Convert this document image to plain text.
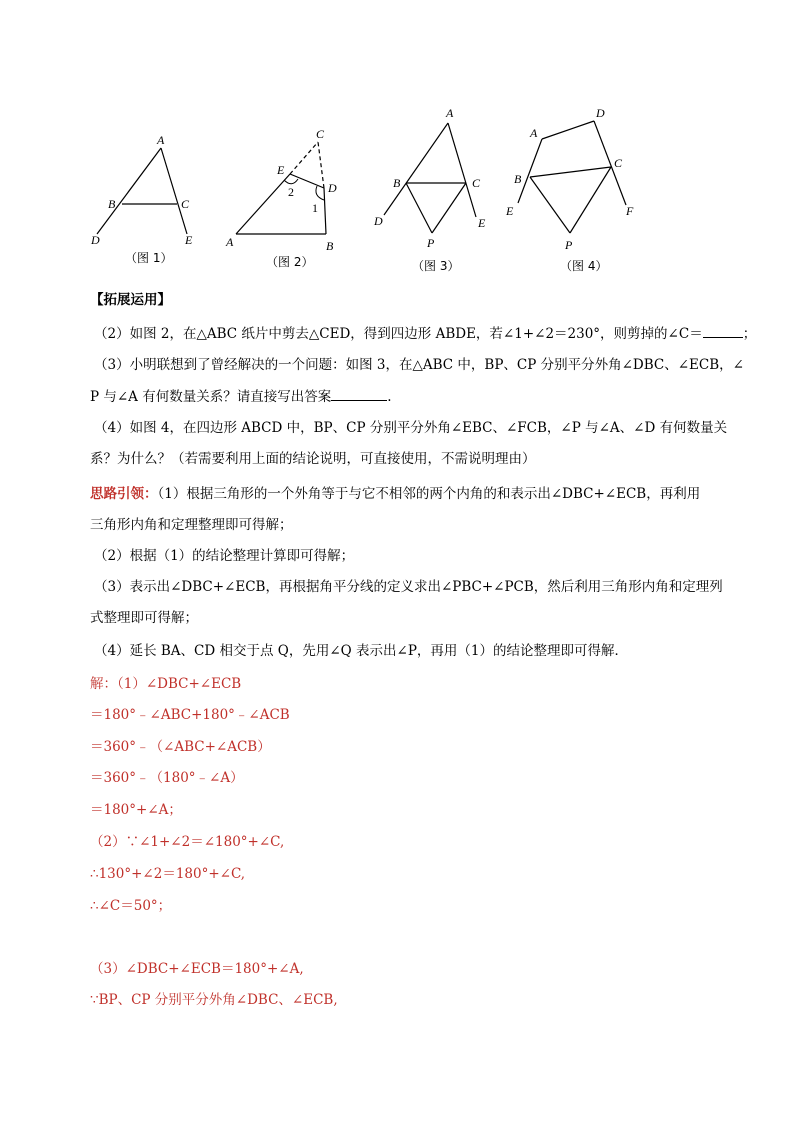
A
B	C
D	E
（图 1）
C
E
D
2
1
A	B
（图 2）
A
B	C
D	E
P
（图 3）
A
D
B
C
E	F
P
（图 4）
【拓展运用】
（2）如图 2，在△ABC 纸片中剪去△CED，得到四边形 ABDE，若∠1+∠2＝230°，则剪掉的∠C＝	；
（3）小明联想到了曾经解决的一个问题：如图 3，在△ABC 中，BP、CP 分别平分外角∠DBC、∠ECB，∠
P 与∠A 有何数量关系？请直接写出答案	.
（4）如图 4，在四边形 ABCD 中，BP、CP 分别平分外角∠EBC、∠FCB，∠P 与∠A、∠D 有何数量关
系？为什么？（若需要利用上面的结论说明，可直接使用，不需说明理由）
思路引领：（1）根据三角形的一个外角等于与它不相邻的两个内角的和表示出∠DBC+∠ECB，再利用
三角形内角和定理整理即可得解；
（2）根据（1）的结论整理计算即可得解；
（3）表示出∠DBC+∠ECB，再根据角平分线的定义求出∠PBC+∠PCB，然后利用三角形内角和定理列
式整理即可得解；
（4）延长 BA、CD 相交于点 Q，先用∠Q 表示出∠P，再用（1）的结论整理即可得解．
解：（1）∠DBC+∠ECB
＝180°﹣∠ABC+180°﹣∠ACB
＝360°﹣（∠ABC+∠ACB）
＝360°﹣（180°﹣∠A）
＝180°+∠A；
（2）∵∠1+∠2＝∠180°+∠C,
∴130°+∠2＝180°+∠C,
∴∠C＝50°；
（3）∠DBC+∠ECB＝180°+∠A,
∵BP、CP 分别平分外角∠DBC、∠ECB,
